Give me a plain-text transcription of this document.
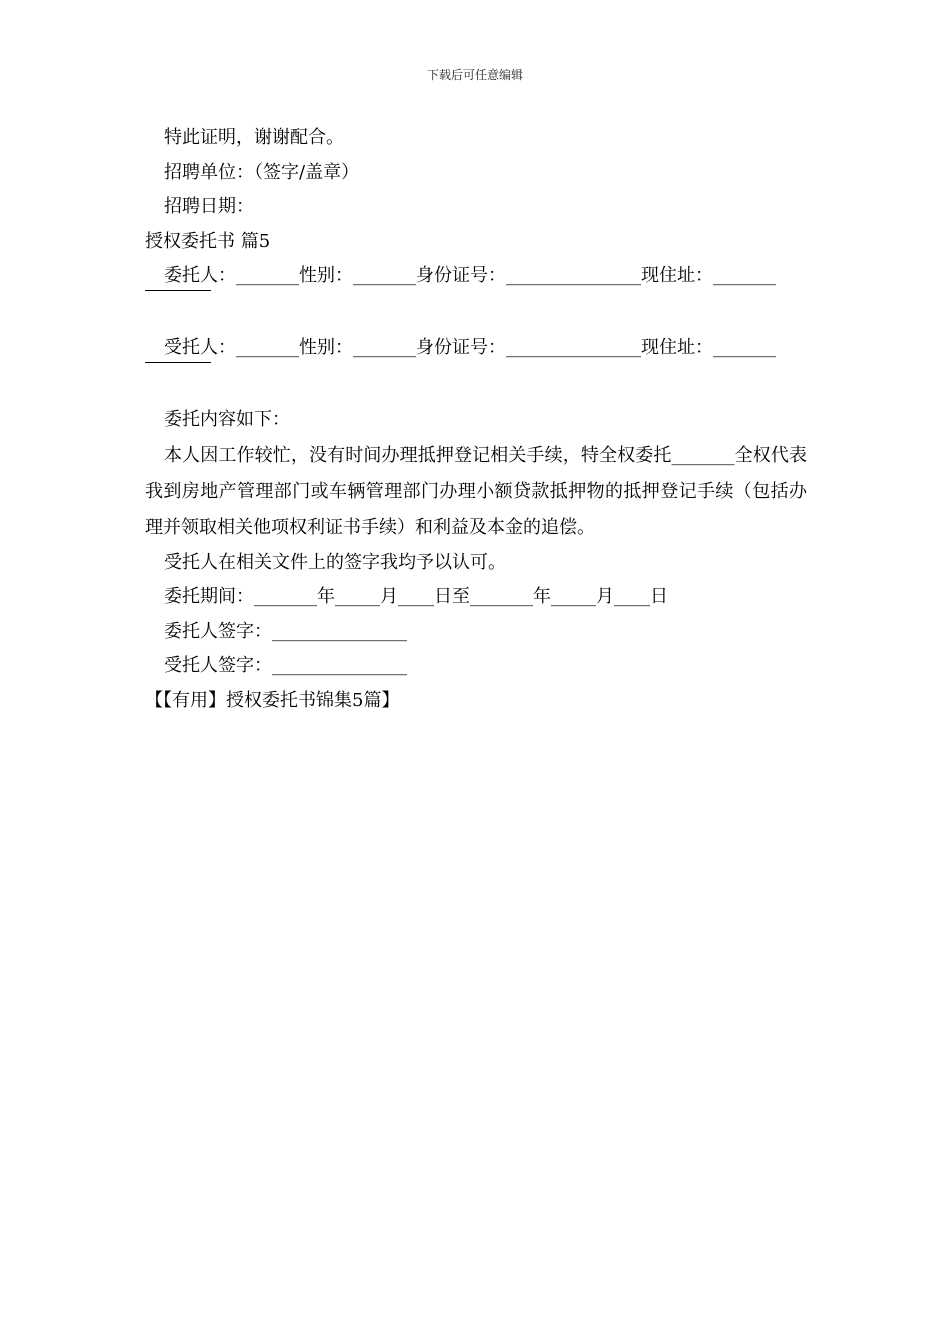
下载后可任意编辑
特此证明，谢谢配合。
招聘单位：（签字/盖章）
招聘日期：
授权委托书 篇5
委托人：_______性别：_______身份证号：_______________现住址：_______
受托人：_______性别：_______身份证号：_______________现住址：_______
委托内容如下：
本人因工作较忙，没有时间办理抵押登记相关手续，特全权委托_______全权代表我到房地产管理部门或车辆管理部门办理小额贷款抵押物的抵押登记手续（包括办理并领取相关他项权利证书手续）和利益及本金的追偿。
受托人在相关文件上的签字我均予以认可。
委托期间：_______年_____月____日至_______年_____月____日
委托人签字：_______________
受托人签字：_______________
【【有用】授权委托书锦集5篇】
